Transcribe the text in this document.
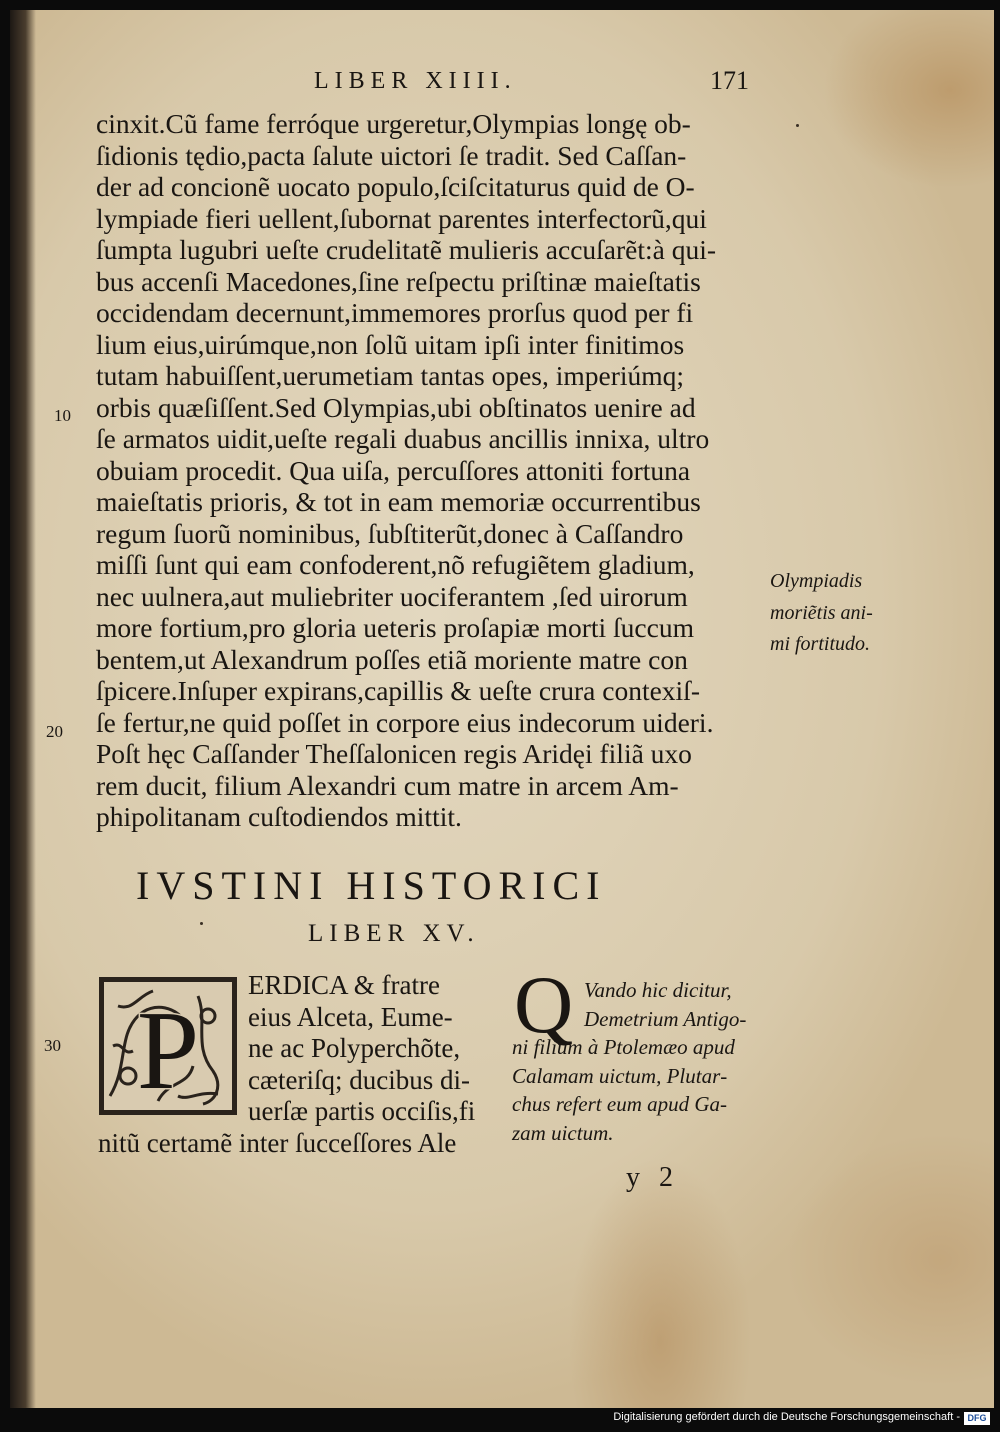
LIBER XIIII.	171
cinxit.Cũ fame ferróque urgeretur,Olympias longę ob‑
ſidionis tędio,pacta ſalute uictori ſe tradit. Sed Caſſan‑
der ad concionẽ uocato populo,ſciſcitaturus quid de O‑
lympiade fieri uellent,ſubornat parentes interfectorũ,qui
ſumpta lugubri ueſte crudelitatẽ mulieris accuſarẽt:à qui‑
bus accenſi Macedones,ſine reſpectu priſtinæ maieſtatis
occidendam decernunt,immemores prorſus quod per fi
lium eius,uirúmque,non ſolũ uitam ipſi inter finitimos
tutam habuiſſent,uerumetiam tantas opes, imperiúmq;
orbis quæſiſſent.Sed Olympias,ubi obſtinatos uenire ad
ſe armatos uidit,ueſte regali duabus ancillis innixa, ultro
obuiam procedit. Qua uiſa, percuſſores attoniti fortuna
maieſtatis prioris, & tot in eam memoriæ occurrentibus
regum ſuorũ nominibus, ſubſtiterũt,donec à Caſſandro
miſſi ſunt qui eam confoderent,nõ refugiẽtem gladium,
nec uulnera,aut muliebriter uociferantem ,ſed uirorum
more fortium,pro gloria ueteris proſapiæ morti ſuccum
bentem,ut Alexandrum poſſes etiã moriente matre con
ſpicere.Inſuper expirans,capillis & ueſte crura contexiſ‑
ſe fertur,ne quid poſſet in corpore eius indecorum uideri.
Poſt hęc Caſſander Theſſalonicen regis Aridęi filiã uxo
rem ducit, filium Alexandri cum matre in arcem Am‑
phipolitanam cuſtodiendos mittit.
10
20
30
Olympiadis
moriẽtis ani‑
mi fortitudo.
IVSTINI HISTORICI
LIBER XV.
P
ERDICA & fratre
eius Alceta, Eume‑
ne ac Polyperchõte,
cæteriſq; ducibus di‑
uerſæ partis occiſis,fi
nitũ certamẽ inter ſucceſſores Ale
Q Vando hic dicitur,
Demetrium Antigo‑
ni filium à Ptolemæo apud
Calamam uictum, Plutar‑
chus refert eum apud Ga‑
zam uictum.
y 2
Digitalisierung gefördert durch die Deutsche Forschungsgemeinschaft - DFG
